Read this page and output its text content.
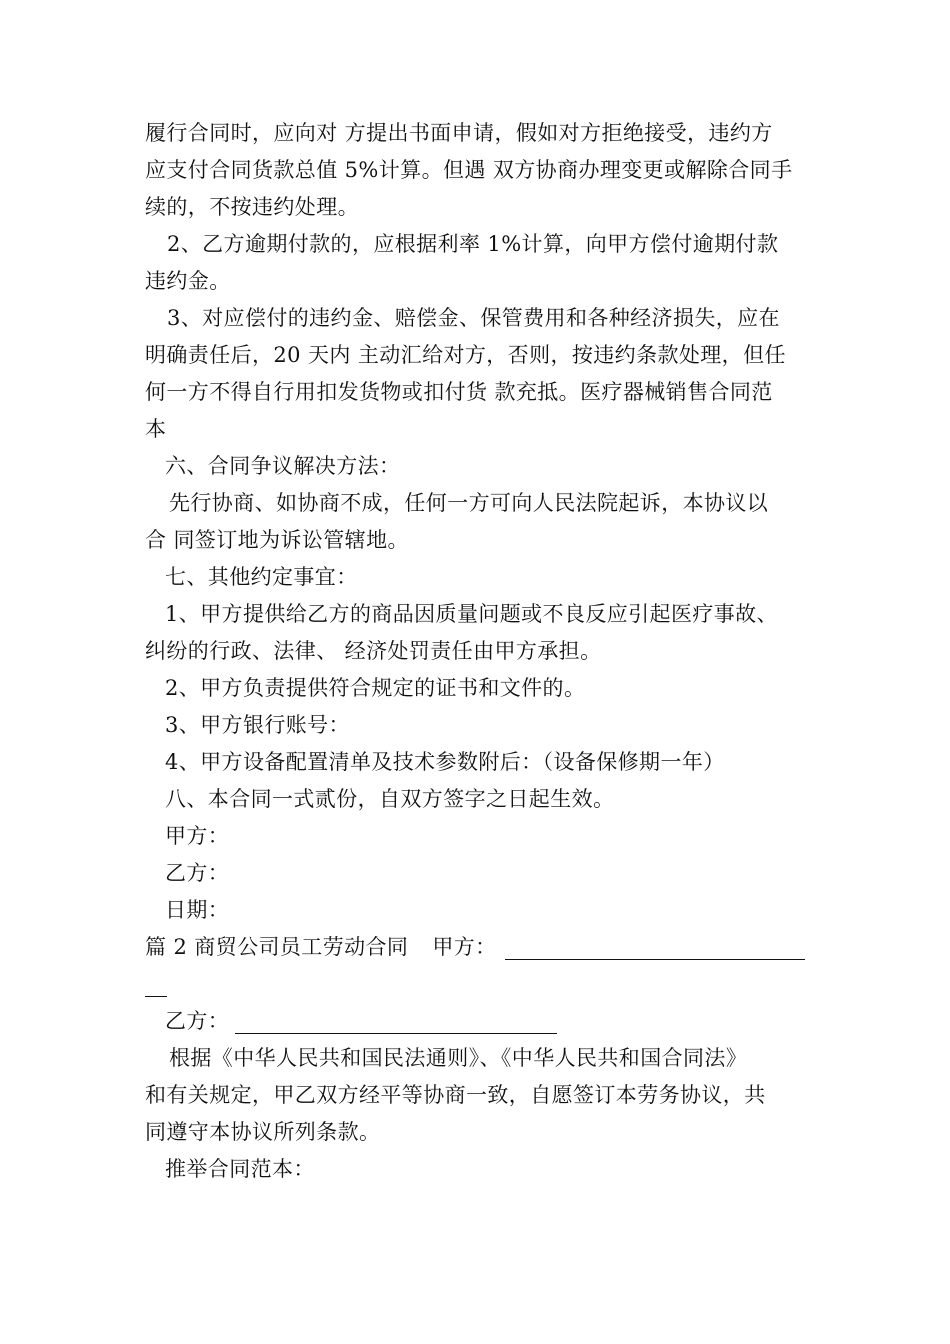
履行合同时，应向对 方提出书面申请，假如对方拒绝接受，违约方
应支付合同货款总值 5%计算。但遇 双方协商办理变更或解除合同手
续的，不按违约处理。
2、乙方逾期付款的，应根据利率 1%计算，向甲方偿付逾期付款
违约金。
3、对应偿付的违约金、赔偿金、保管费用和各种经济损失，应在
明确责任后，20 天内 主动汇给对方，否则，按违约条款处理，但任
何一方不得自行用扣发货物或扣付货 款充抵。医疗器械销售合同范
本
六、合同争议解决方法：
先行协商、如协商不成，任何一方可向人民法院起诉，本协议以
合 同签订地为诉讼管辖地。
七、其他约定事宜：
1、甲方提供给乙方的商品因质量问题或不良反应引起医疗事故、
纠纷的行政、法律、 经济处罚责任由甲方承担。
2、甲方负责提供符合规定的证书和文件的。
3、甲方银行账号：
4、甲方设备配置清单及技术参数附后：（设备保修期一年）
八、本合同一式贰份，自双方签字之日起生效。
甲方：
乙方：
日期：
篇 2 商贸公司员工劳动合同 甲方：
乙方：
根据《中华人民共和国民法通则》、《中华人民共和国合同法》
和有关规定，甲乙双方经平等协商一致，自愿签订本劳务协议，共
同遵守本协议所列条款。
推举合同范本：
